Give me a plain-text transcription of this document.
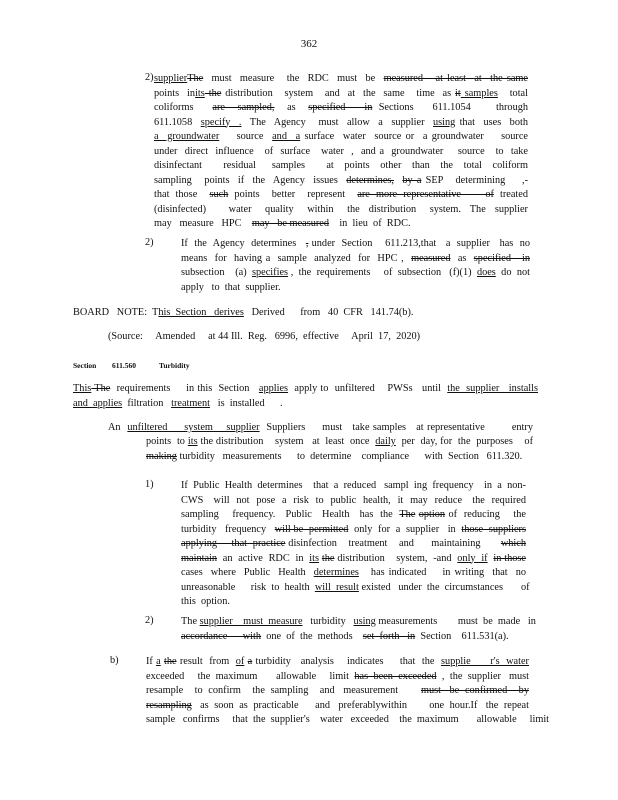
362
2) supplierThe  must  measure   the  RDC  must  be  measured   at least  at  the same
points  inits the distribution   system   and  at  the  same   time  as it samples   total
coliforms   are  sampled,  as  specified   in Sections   611.1054    through
611.1058  specify  .  The  Agency   must  allow  a  supplier  using that  uses  both
a  groundwater    source  and  a surface  water  source or  a groundwater    source
under  direct  influence   of  surface   water  ,  and a  groundwater    source   to  take
disinfectant    residual   samples    at  points  other  than  the  total  coliform
sampling   points  if  the  Agency  issues  determines, by a SEP   determining    ,-
that those  such points  better  represent  are more representative    of treated
(disinfected)     water   quality   within   the  distribution   system.  The  supplier
may   measure   HPC    may   be measured    in  lieu  of  RDC.
2)	If  the  Agency  determines   , under  Section    611.213,that   a  supplier   has  no
means  for  having a  sample  analyzed  for  HPC ,  measured  as  specified   in
subsection    (a)  specifies ,  the  requirements     of  subsection   (f)(1)  does  do  not
apply   to  that  supplier.
BOARD   NOTE:  This  Section   derives   Derived      from   40  CFR   141.74(b).
(Source:     Amended     at 44 Ill.  Reg.   6996,  effective     April  17,  2020)
Section 611.560	Turbidity
This The  requirements     in this  Section   applies  apply to  unfiltered    PWSs   until  the  supplier   installs
and  applies  filtration   treatment   is  installed      .
An  unfiltered     system    supplier  Suppliers     must   take samples   at representative        entry
points  to its the distribution    system   at  least  once  daily  per  day, for  the  purposes    of
making turbidity   measurements      to  determine    compliance      with  Section   611.320.
1)	If  Public  Health  determines    that  a  reduced   sampl  ing  frequency    in  a  non-
CWS   will  not  pose  a  risk  to  public  health,  it  may  reduce   the  required
sampling    frequency.   Public   Health   has  the  The option of  reducing    the
turbidity   frequency   will be  permitted  only  for  a  supplier   in  those  suppliers
applying     that  practice disinfection    treatment    and      maintaining       which
maintain  an  active  RDC  in  its the distribution    system,  -and  only  if in those
cases  where  Public  Health  determines   has indicated    in writing  that  no
unreasonable      risk  to  health  will  result existed   under  the  circumstances       of
this  option.
2)	The supplier    must  measure   turbidity   using measurements        must  be  made   in
accordance      with  one  of  the  methods    set  forth   in  Section    611.531(a).
b)	If a the result  from  of a turbidity   analysis    indicates     that  the  supplie      r's  water
exceeded     the  maximum       allowable     limit  has  been  exceeded  ,  the  supplier   must
resample    to  confirm    the  sampling    and   measurement        must   be  confirmed    by
resampling   as  soon  as  practicable      and   preferablywithin        one  hour.If   the  repeat
sample   confirms     that  the  supplier's    water   exceeded    the  maximum       allowable     limit
